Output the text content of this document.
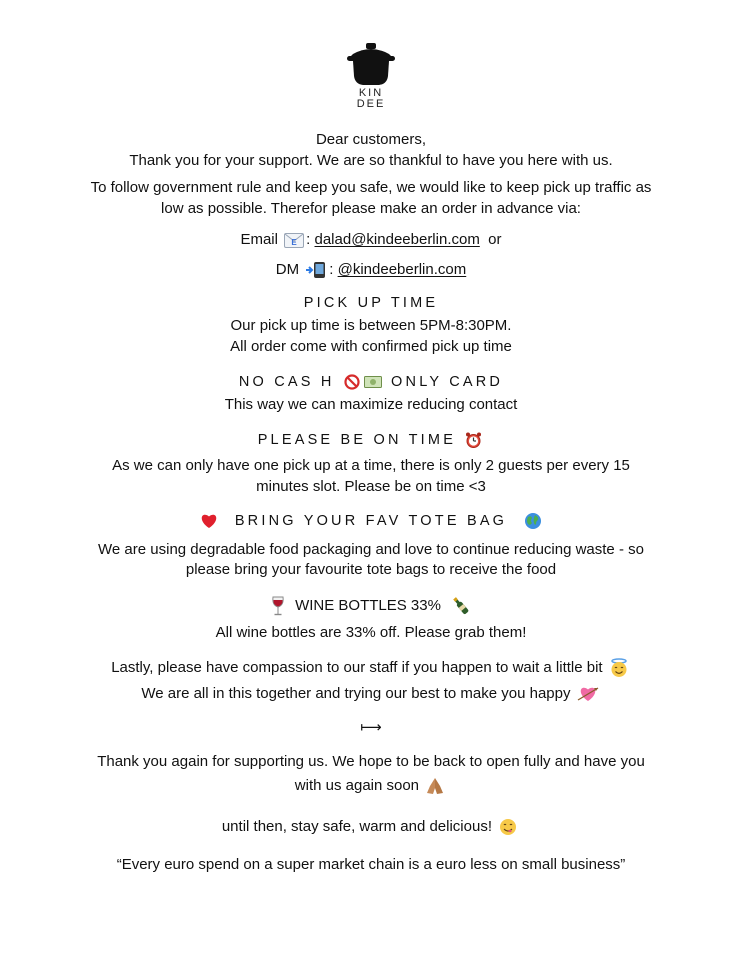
KIN
DEE
Dear customers,
Thank you for your support. We are so thankful to have you here with us.
To follow government rule and keep you safe, we would like to keep pick up traffic as
low as possible. Therefor please make an order in advance via:
Email E : dalad@kindeeberlin.com or
DM : @kindeeberlin.com
PICK UP TIME
Our pick up time is between 5PM-8:30PM.
All order come with confirmed pick up time
NO CAS H	ONLY CARD
This way we can maximize reducing contact
PLEASE BE ON TIME
As we can only have one pick up at a time, there is only 2 guests per every 15
minutes slot. Please be on time <3
BRING YOUR FAV TOTE BAG
We are using degradable food packaging and love to continue reducing waste - so
please bring your favourite tote bags to receive the food
WINE BOTTLES 33%
All wine bottles are 33% off. Please grab them!
Lastly, please have compassion to our staff if you happen to wait a little bit
We are all in this together and trying our best to make you happy
⟼
Thank you again for supporting us. We hope to be back to open fully and have you
with us again soon
until then, stay safe, warm and delicious!
“Every euro spend on a super market chain is a euro less on small business”
